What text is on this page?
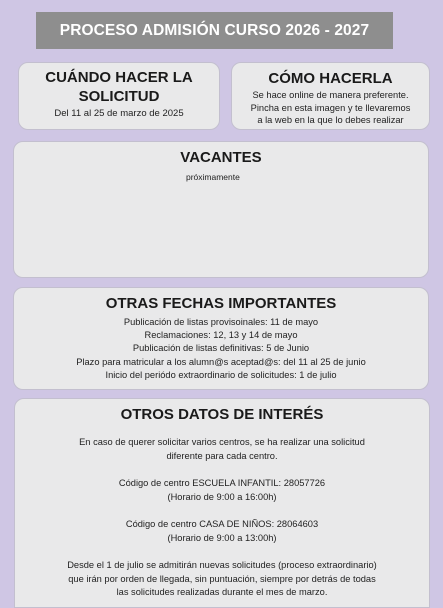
PROCESO ADMISIÓN CURSO 2026 - 2027
CUÁNDO HACER LA
SOLICITUD
Del 11 al 25 de marzo de 2025
CÓMO HACERLA
Se hace online de manera preferente.
Pincha en esta imagen y te llevaremos
a la web en la que lo debes realizar
VACANTES
próximamente
OTRAS FECHAS IMPORTANTES
Publicación de listas provisoinales: 11 de mayo
Reclamaciones: 12, 13 y 14 de mayo
Publicación de listas definitivas: 5 de Junio
Plazo para matricular a los alumn@s aceptad@s: del 11 al 25 de junio
Inicio del periódo extraordinario de solicitudes: 1 de julio
OTROS DATOS DE INTERÉS
En caso de querer solicitar varios centros, se ha realizar una solicitud
diferente para cada centro.
Código de centro ESCUELA INFANTIL: 28057726
(Horario de 9:00 a 16:00h)
Código de centro CASA DE NIÑOS: 28064603
(Horario de 9:00 a 13:00h)
Desde el 1 de julio se admitirán nuevas solicitudes (proceso extraordinario)
que irán por orden de llegada, sin puntuación, siempre por detrás de todas
las solicitudes realizadas durante el mes de marzo.
